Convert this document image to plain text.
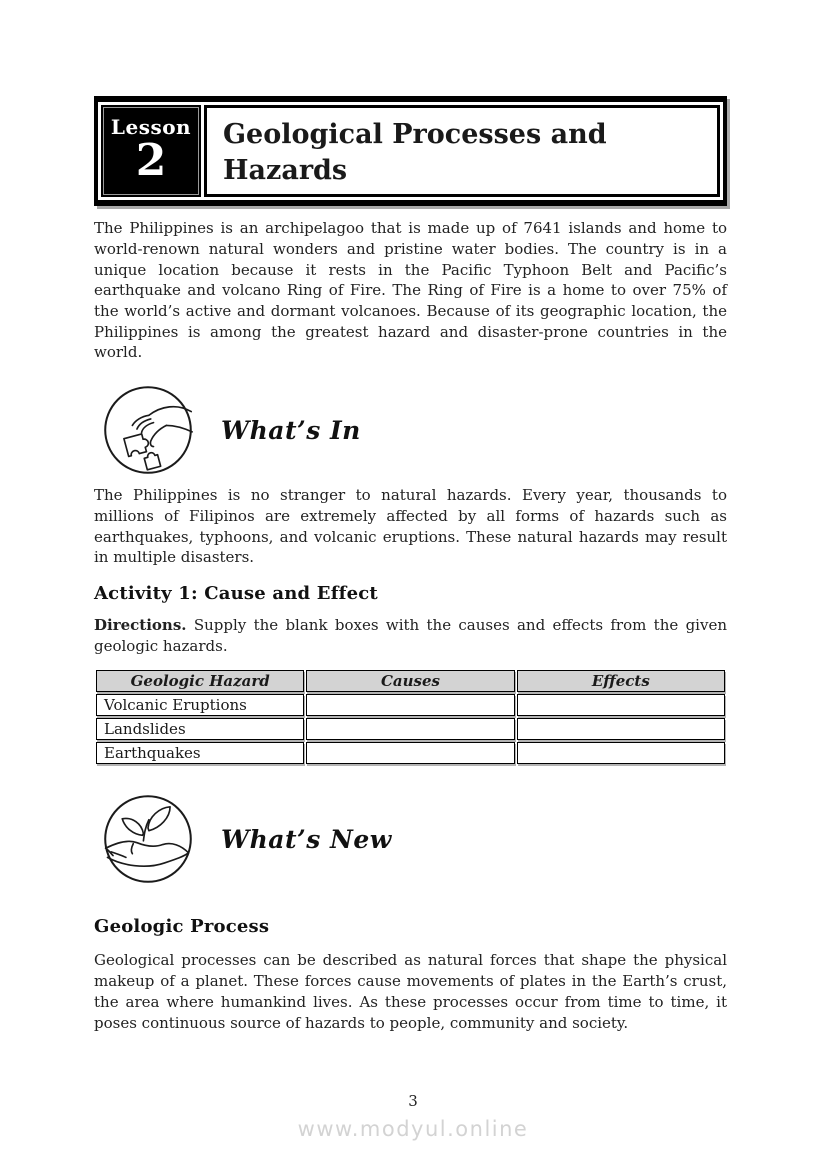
Lesson
2
Geological Processes and
Hazards

The Philippines is an archipelagoo that is made up of 7641 islands and home to world-renown natural wonders and pristine water bodies. The country is in a unique location because it rests in the Pacific Typhoon Belt and Pacific’s earthquake and volcano Ring of Fire. The Ring of Fire is a home to over 75% of the world’s active and dormant volcanoes. Because of its geographic location, the Philippines is among the greatest hazard and disaster-prone countries in the world.

What’s In

The Philippines is no stranger to natural hazards. Every year, thousands to millions of Filipinos are extremely affected by all forms of hazards such as earthquakes, typhoons, and volcanic eruptions. These natural hazards may result in multiple disasters.

Activity 1: Cause and Effect

Directions. Supply the blank boxes with the causes and effects from the given geologic hazards.

Geologic Hazard	Causes	Effects
Volcanic Eruptions		
Landslides		
Earthquakes		
What’s New
Geologic Process

Geological processes can be described as natural forces that shape the physical makeup of a planet. These forces cause movements of plates in the Earth’s crust, the area where humankind lives. As these processes occur from time to time, it poses continuous source of hazards to people, community and society.

3
www.modyul.online
